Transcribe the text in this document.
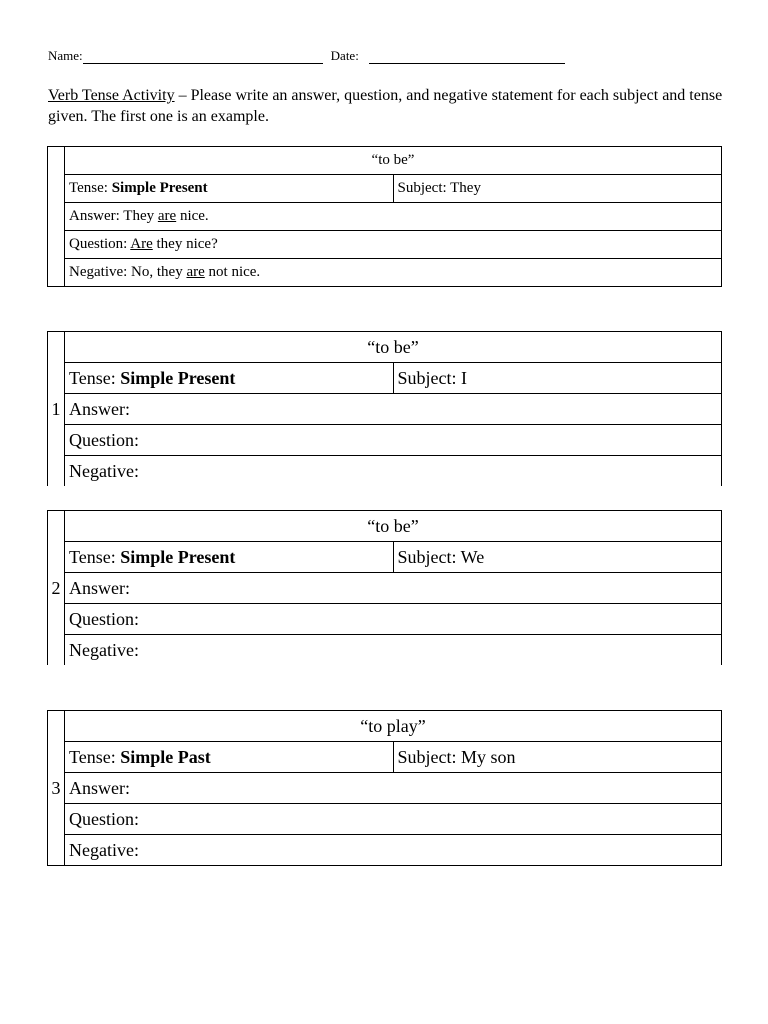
Name:	Date:
Verb Tense Activity – Please write an answer, question, and negative statement for each subject and tense given. The first one is an example.
	“to be”	
	Tense: Simple Present	Subject: They
	Answer: They are nice.	
	Question: Are they nice?	
	Negative: No, they are not nice.	
1	“to be”	
	Tense: Simple Present	Subject: I
	Answer:	
	Question:	
	Negative:	
2	“to be”	
	Tense: Simple Present	Subject: We
	Answer:	
	Question:	
	Negative:	
3	“to play”	
	Tense: Simple Past	Subject: My son
	Answer:	
	Question:	
	Negative:	
